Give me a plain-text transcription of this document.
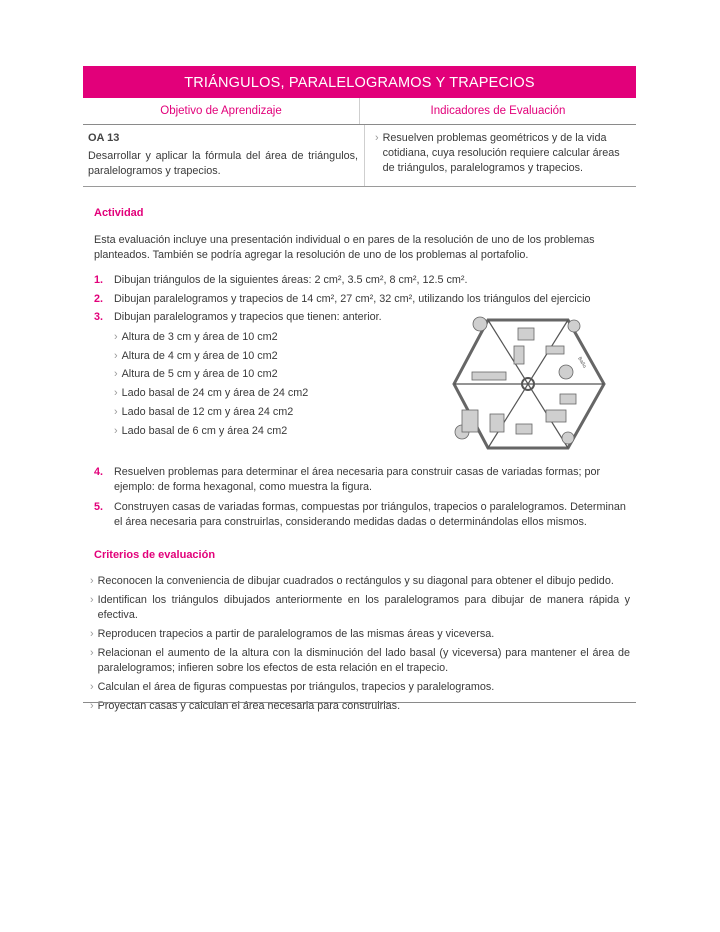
TRIÁNGULOS, PARALELOGRAMOS Y TRAPECIOS
Objetivo de Aprendizaje	Indicadores de Evaluación
OA 13
Desarrollar y aplicar la fórmula del área de triángulos, paralelogramos y trapecios.
› Resuelven problemas geométricos y de la vida cotidiana, cuya resolución requiere calcular áreas de triángulos, paralelogramos y trapecios.
Actividad
Esta evaluación incluye una presentación individual o en pares de la resolución de uno de los problemas planteados. También se podría agregar la resolución de uno de los problemas al portafolio.
1.	Dibujan triángulos de la siguientes áreas: 2 cm², 3.5 cm², 8 cm², 12.5 cm².
2.	Dibujan paralelogramos y trapecios de 14 cm², 27 cm², 32 cm², utilizando los triángulos del ejercicio
3.	Dibujan paralelogramos y trapecios que tienen: anterior.
› Altura de 3 cm y área de 10 cm2
› Altura de 4 cm y área de 10 cm2
› Altura de 5 cm y área de 10 cm2
› Lado basal de 24 cm y área de 24 cm2
› Lado basal de 12 cm y área 24 cm2
› Lado basal de 6 cm y área 24 cm2
Baño
4.	Resuelven problemas para determinar el área necesaria para construir casas de variadas formas; por ejemplo: de forma hexagonal, como muestra la figura.
5.	Construyen casas de variadas formas, compuestas por triángulos, trapecios o paralelogramos. Determinan el área necesaria para construirlas, considerando medidas dadas o determinándolas ellos mismos.
Criterios de evaluación
› Reconocen la conveniencia de dibujar cuadrados o rectángulos y su diagonal para obtener el dibujo pedido.
› Identifican los triángulos dibujados anteriormente en los paralelogramos para dibujar de manera rápida y efectiva.
› Reproducen trapecios a partir de paralelogramos de las mismas áreas y viceversa.
› Relacionan el aumento de la altura con la disminución del lado basal (y viceversa) para mantener el área de paralelogramos; infieren sobre los efectos de esta relación en el trapecio.
› Calculan el área de figuras compuestas por triángulos, trapecios y paralelogramos.
› Proyectan casas y calculan el área necesaria para construirlas.
